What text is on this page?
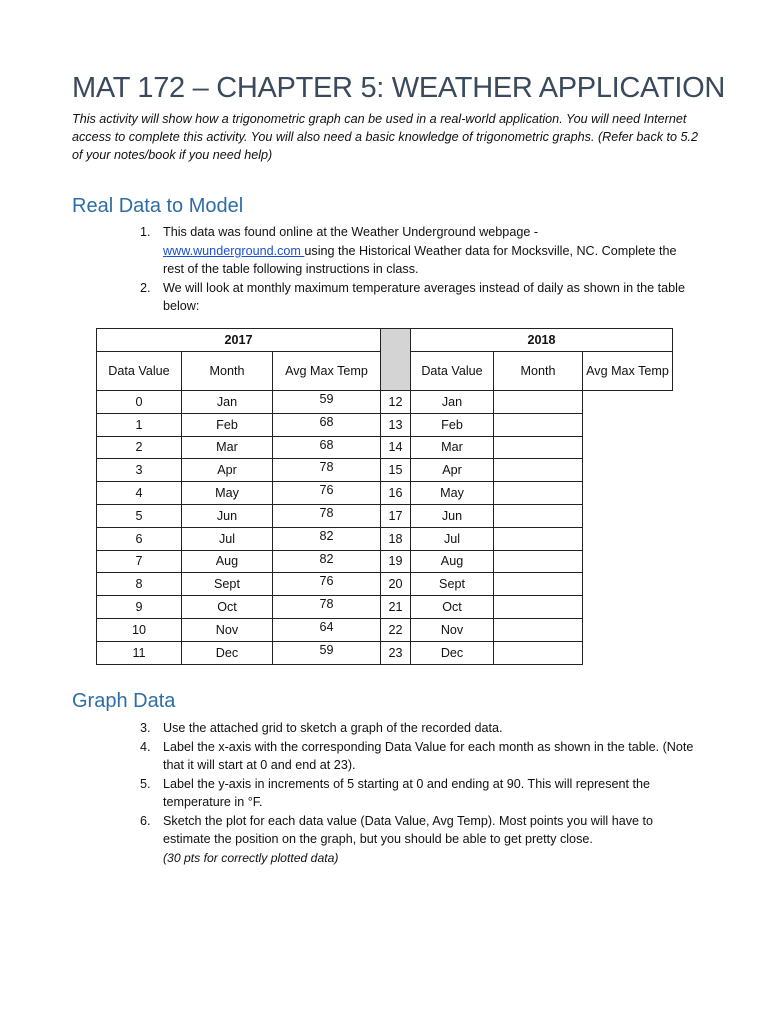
MAT 172 – CHAPTER 5: WEATHER APPLICATION

This activity will show how a trigonometric graph can be used in a real-world application. You will need Internet access to complete this activity. You will also need a basic knowledge of trigonometric graphs. (Refer back to 5.2 of your notes/book if you need help)

Real Data to Model
1. This data was found online at the Weather Underground webpage -
www.wunderground.com using the Historical Weather data for Mocksville, NC. Complete the rest of the table following instructions in class.
2. We will look at monthly maximum temperature averages instead of daily as shown in the table below:
2017				2018		
Data Value	Month	Avg Max Temp		Data Value	Month	Avg Max Temp
0	Jan	59	12	Jan		
1	Feb	68	13	Feb		
2	Mar	68	14	Mar		
3	Apr	78	15	Apr		
4	May	76	16	May		
5	Jun	78	17	Jun		
6	Jul	82	18	Jul		
7	Aug	82	19	Aug		
8	Sept	76	20	Sept		
9	Oct	78	21	Oct		
10	Nov	64	22	Nov		
11	Dec	59	23	Dec		
Graph Data
3. Use the attached grid to sketch a graph of the recorded data.
4. Label the x-axis with the corresponding Data Value for each month as shown in the table. (Note that it will start at 0 and end at 23).
5. Label the y-axis in increments of 5 starting at 0 and ending at 90. This will represent the temperature in °F.
6. Sketch the plot for each data value (Data Value, Avg Temp). Most points you will have to estimate the position on the graph, but you should be able to get pretty close.
(30 pts for correctly plotted data)
